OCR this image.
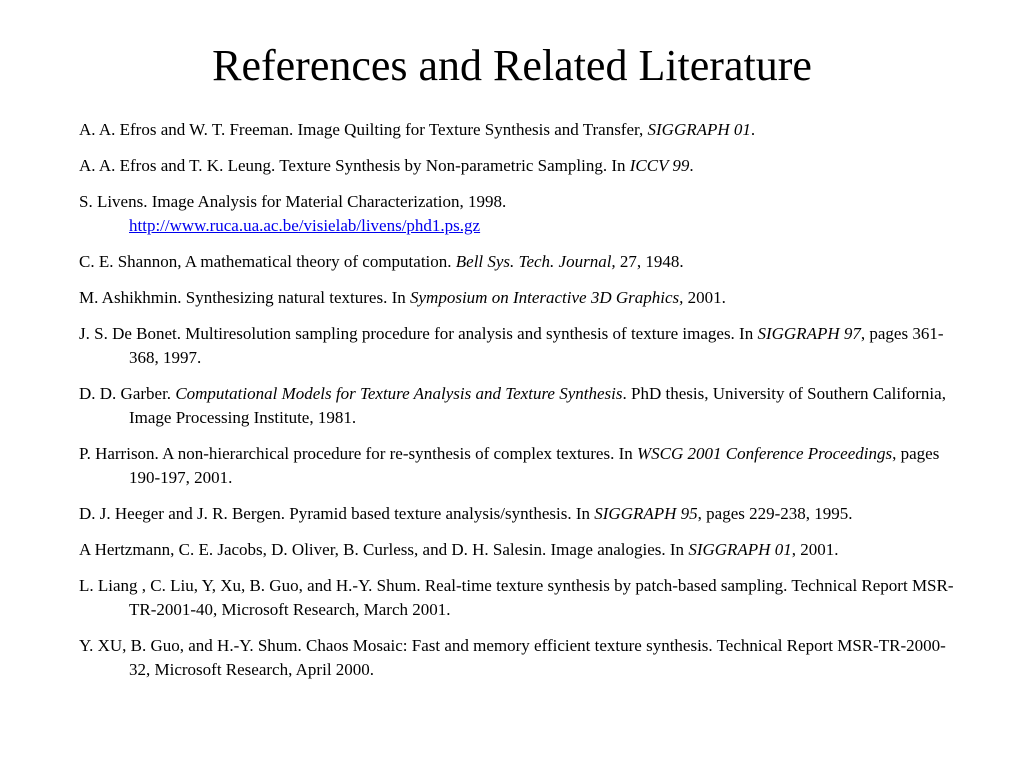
References and Related Literature
A. A. Efros and W. T. Freeman. Image Quilting for Texture Synthesis and Transfer, SIGGRAPH 01.
A. A. Efros and T. K. Leung. Texture Synthesis by Non-parametric Sampling. In ICCV 99.
S. Livens. Image Analysis for Material Characterization, 1998.
http://www.ruca.ua.ac.be/visielab/livens/phd1.ps.gz
C. E. Shannon, A mathematical theory of computation. Bell Sys. Tech. Journal, 27, 1948.
M. Ashikhmin. Synthesizing natural textures. In Symposium on Interactive 3D Graphics, 2001.
J. S. De Bonet. Multiresolution sampling procedure for analysis and synthesis of texture images. In SIGGRAPH 97, pages 361-368, 1997.
D. D. Garber. Computational Models for Texture Analysis and Texture Synthesis. PhD thesis, University of Southern California, Image Processing Institute, 1981.
P. Harrison. A non-hierarchical procedure for re-synthesis of complex textures. In WSCG 2001 Conference Proceedings, pages 190-197, 2001.
D. J. Heeger and J. R. Bergen. Pyramid based texture analysis/synthesis. In SIGGRAPH 95, pages 229-238, 1995.
A Hertzmann, C. E. Jacobs, D. Oliver, B. Curless, and D. H. Salesin. Image analogies. In SIGGRAPH 01, 2001.
L. Liang , C. Liu, Y, Xu, B. Guo, and H.-Y. Shum. Real-time texture synthesis by patch-based sampling. Technical Report MSR-TR-2001-40, Microsoft Research, March 2001.
Y. XU, B. Guo, and H.-Y. Shum. Chaos Mosaic: Fast and memory efficient texture synthesis. Technical Report MSR-TR-2000-32, Microsoft Research, April 2000.
